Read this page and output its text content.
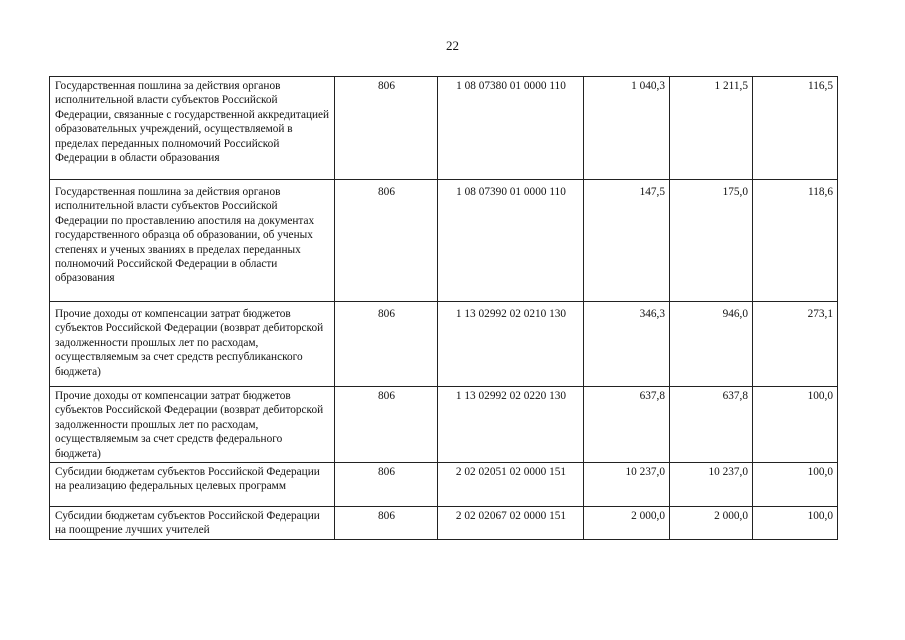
22
Государственная пошлина за действия органов исполнительной власти субъектов Российской Федерации, связанные с государственной аккредитацией образовательных учреждений, осуществляемой в пределах переданных полномочий Российской Федерации в области образования	806	1 08 07380 01 0000 110	1 040,3	1 211,5	116,5

Государственная пошлина за действия органов исполнительной власти субъектов Российской Федерации по проставлению апостиля на документах государственного образца об образовании, об ученых степенях и ученых званиях в пределах переданных полномочий Российской Федерации в области образования	806	1 08 07390 01 0000 110	147,5	175,0	118,6

Прочие доходы от компенсации затрат бюджетов субъектов Российской Федерации (возврат дебиторской задолженности прошлых лет по расходам, осуществляемым за счет средств республиканского бюджета)	806	1 13 02992 02 0210 130	346,3	946,0	273,1

Прочие доходы от компенсации затрат бюджетов субъектов Российской Федерации (возврат дебиторской задолженности прошлых лет по расходам, осуществляемым за счет средств федерального бюджета)	806	1 13 02992 02 0220 130	637,8	637,8	100,0

Субсидии бюджетам субъектов Российской Федерации на реализацию федеральных целевых программ	806	2 02 02051 02 0000 151	10 237,0	10 237,0	100,0

Субсидии бюджетам субъектов Российской Федерации на поощрение лучших учителей	806	2 02 02067 02 0000 151	2 000,0	2 000,0	100,0
